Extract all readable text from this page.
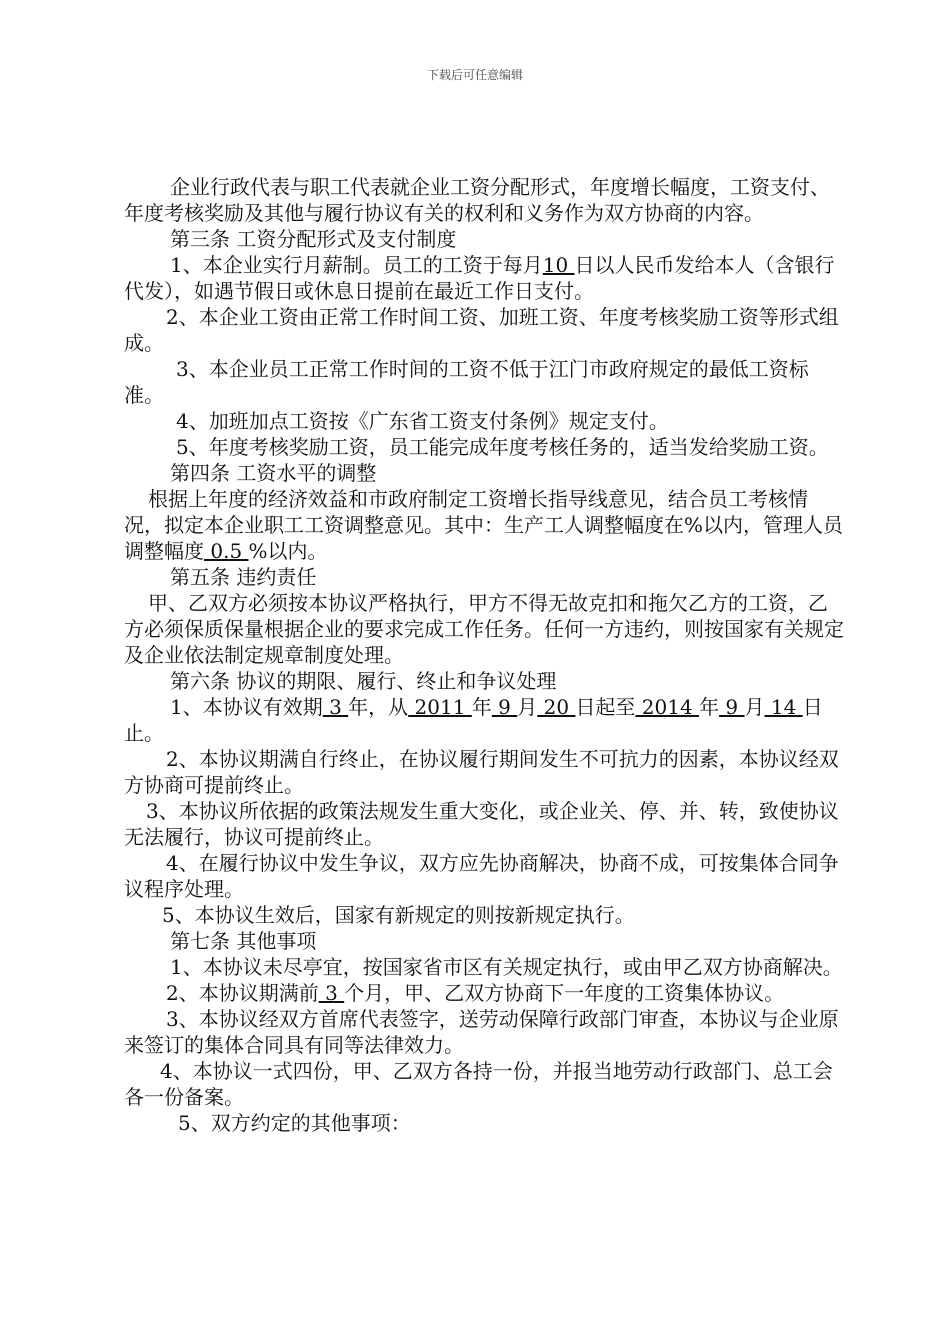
下载后可任意编辑

企业行政代表与职工代表就企业工资分配形式，年度增长幅度，工资支付、年度考核奖励及其他与履行协议有关的权利和义务作为双方协商的内容。

第三条 工资分配形式及支付制度

1、本企业实行月薪制。员工的工资于每月10 日以人民币发给本人（含银行代发），如遇节假日或休息日提前在最近工作日支付。

2、本企业工资由正常工作时间工资、加班工资、年度考核奖励工资等形式组成。

3、本企业员工正常工作时间的工资不低于江门市政府规定的最低工资标准。

4、加班加点工资按《广东省工资支付条例》规定支付。

5、年度考核奖励工资，员工能完成年度考核任务的，适当发给奖励工资。

第四条 工资水平的调整

根据上年度的经济效益和市政府制定工资增长指导线意见，结合员工考核情况，拟定本企业职工工资调整意见。其中：生产工人调整幅度在%以内，管理人员调整幅度 0.5 %以内。

第五条 违约责任

甲、乙双方必须按本协议严格执行，甲方不得无故克扣和拖欠乙方的工资，乙方必须保质保量根据企业的要求完成工作任务。任何一方违约，则按国家有关规定及企业依法制定规章制度处理。

第六条 协议的期限、履行、终止和争议处理

1、本协议有效期 3 年，从 2011 年 9 月 20 日起至 2014 年 9 月 14 日止。

2、本协议期满自行终止，在协议履行期间发生不可抗力的因素，本协议经双方协商可提前终止。

3、本协议所依据的政策法规发生重大变化，或企业关、停、并、转，致使协议无法履行，协议可提前终止。

4、在履行协议中发生争议，双方应先协商解决，协商不成，可按集体合同争议程序处理。

5、本协议生效后，国家有新规定的则按新规定执行。

第七条 其他事项

1、本协议未尽亭宜，按国家省市区有关规定执行，或由甲乙双方协商解决。

2、本协议期满前 3 个月，甲、乙双方协商下一年度的工资集体协议。

3、本协议经双方首席代表签字，送劳动保障行政部门审查，本协议与企业原来签订的集体合同具有同等法律效力。

4、本协议一式四份，甲、乙双方各持一份，并报当地劳动行政部门、总工会各一份备案。

5、双方约定的其他事项：
